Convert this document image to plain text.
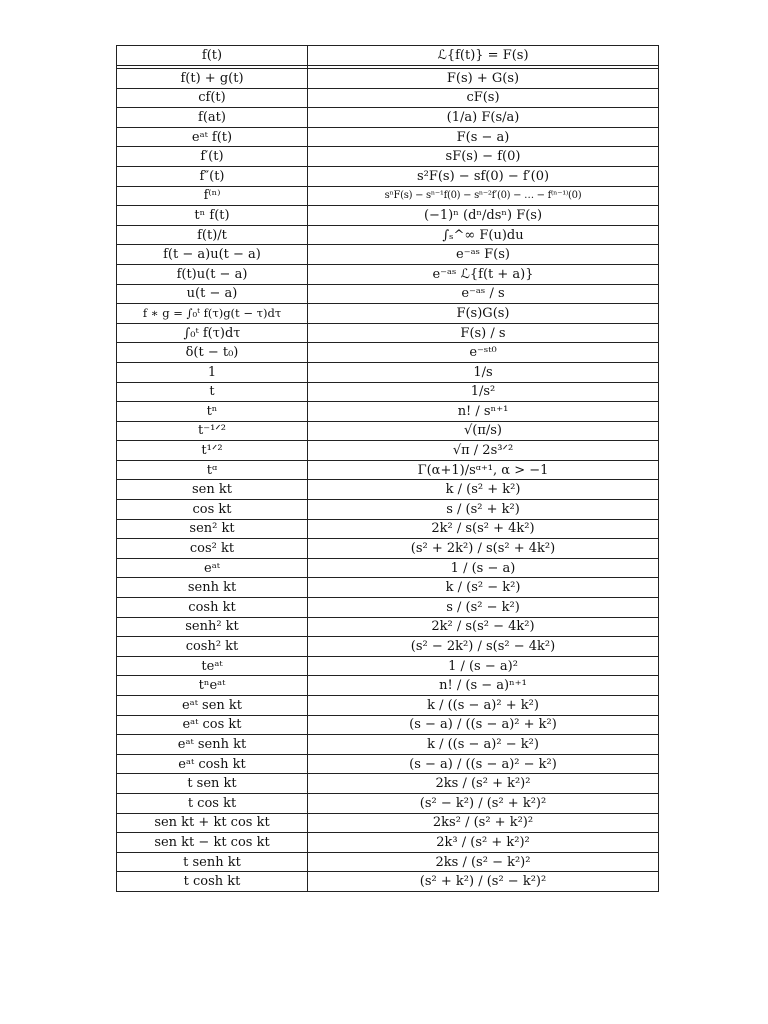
f(t)	ℒ{f(t)} = F(s)

f(t) + g(t)	F(s) + G(s)
cf(t)	cF(s)
f(at)	(1/a) F(s/a)
eᵃᵗ f(t)	F(s − a)
f′(t)	sF(s) − f(0)
f″(t)	s²F(s) − sf(0) − f′(0)
f⁽ⁿ⁾	sⁿF(s) − sⁿ⁻¹f(0) − sⁿ⁻²f′(0) − … − f⁽ⁿ⁻¹⁾(0)
tⁿ f(t)	(−1)ⁿ (dⁿ/dsⁿ) F(s)
f(t)/t	∫ₛ^∞ F(u)du
f(t − a)u(t − a)	e⁻ᵃˢ F(s)
f(t)u(t − a)	e⁻ᵃˢ ℒ{f(t + a)}
u(t − a)	e⁻ᵃˢ / s
f ∗ g = ∫₀ᵗ f(τ)g(t − τ)dτ	F(s)G(s)
∫₀ᵗ f(τ)dτ	F(s) / s
δ(t − t₀)	e⁻ˢᵗ⁰
1	1/s
t	1/s²
tⁿ	n! / sⁿ⁺¹
t⁻¹ᐟ²	√(π/s)
t¹ᐟ²	√π / 2s³ᐟ²
tᵅ	Γ(α+1)/sᵅ⁺¹, α > −1
sen kt	k / (s² + k²)
cos kt	s / (s² + k²)
sen² kt	2k² / s(s² + 4k²)
cos² kt	(s² + 2k²) / s(s² + 4k²)
eᵃᵗ	1 / (s − a)
senh kt	k / (s² − k²)
cosh kt	s / (s² − k²)
senh² kt	2k² / s(s² − 4k²)
cosh² kt	(s² − 2k²) / s(s² − 4k²)
teᵃᵗ	1 / (s − a)²
tⁿeᵃᵗ	n! / (s − a)ⁿ⁺¹
eᵃᵗ sen kt	k / ((s − a)² + k²)
eᵃᵗ cos kt	(s − a) / ((s − a)² + k²)
eᵃᵗ senh kt	k / ((s − a)² − k²)
eᵃᵗ cosh kt	(s − a) / ((s − a)² − k²)
t sen kt	2ks / (s² + k²)²
t cos kt	(s² − k²) / (s² + k²)²
sen kt + kt cos kt	2ks² / (s² + k²)²
sen kt − kt cos kt	2k³ / (s² + k²)²
t senh kt	2ks / (s² − k²)²
t cosh kt	(s² + k²) / (s² − k²)²
